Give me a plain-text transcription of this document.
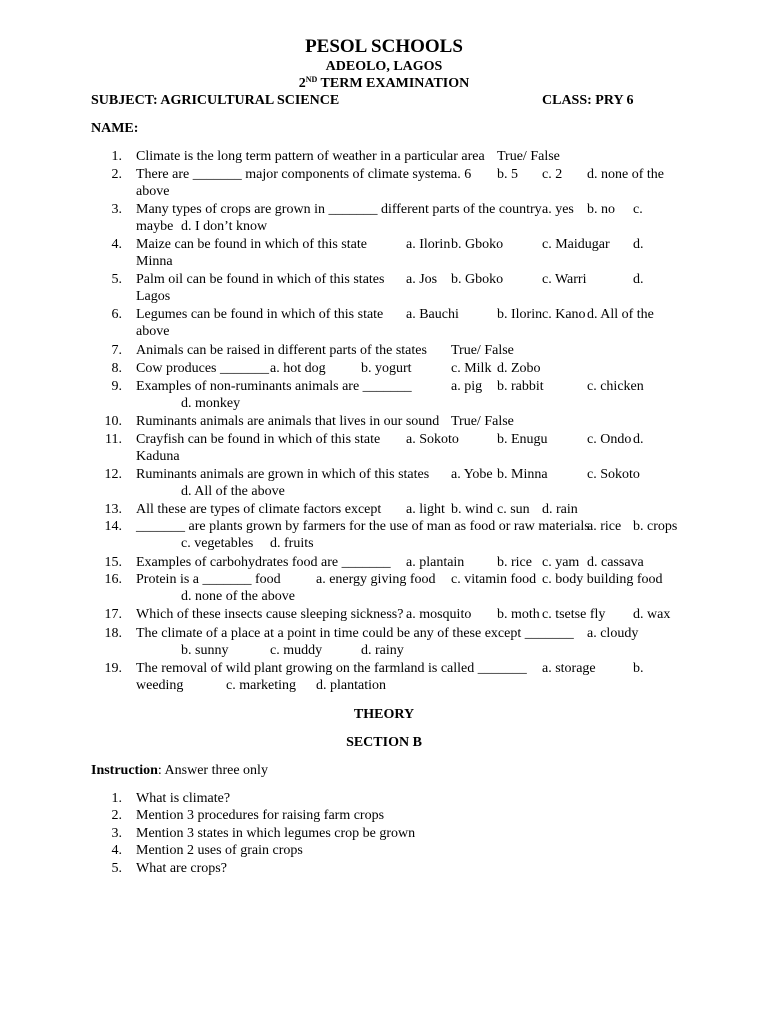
PESOL SCHOOLS
ADEOLO, LAGOS
2ND TERM EXAMINATION
SUBJECT: AGRICULTURAL SCIENCE	CLASS: PRY 6
NAME:
1. Climate is the long term pattern of weather in a particular area True/ False
2. There are _______ major components of climate system a. 6 b. 5 c. 2 d. none of the
above
3. Many types of crops are grown in _______ different parts of the country a. yes b. no c.
maybe d. I don’t know
4. Maize can be found in which of this state	a. Ilorin b. Gboko	c. Maidugar d.
Minna
5. Palm oil can be found in which of this states a. Jos b. Gboko	c. Warri	d.
Lagos
6. Legumes can be found in which of this state a. Bauchi	b. Ilorin c. Kano d. All of the
above
7. Animals can be raised in different parts of the states True/ False
8. Cow produces _______ a. hot dog	b. yogurt	c. Milk d. Zobo
9. Examples of non-ruminants animals are _______	a. pig b. rabbit	c. chicken
d. monkey
10. Ruminants animals are animals that lives in our sound True/ False
11. Crayfish can be found in which of this state a. Sokoto	b. Enugu	c. Ondo d.
Kaduna
12. Ruminants animals are grown in which of this states a. Yobe b. Minna	c. Sokoto
d. All of the above
13. All these are types of climate factors except a. light b. wind c. sun d. rain
14. _______ are plants grown by farmers for the use of man as food or raw materials
a. rice b. crops
c. vegetables d. fruits
15. Examples of carbohydrates food are _______ a. plantain b. rice c. yam d. cassava
16. Protein is a _______ food	a. energy giving food c. vitamin food c. body building food
d. none of the above
17. Which of these insects cause sleeping sickness? a. mosquito b. moth c. tsetse fly d. wax
18. The climate of a place at a point in time could be any of these except _______ a. cloudy
b. sunny	c. muddy	d. rainy
19. The removal of wild plant growing on the farmland is called _______ a. storage	b.
weeding	c. marketing d. plantation
THEORY
SECTION B
Instruction: Answer three only
1. What is climate?
2. Mention 3 procedures for raising farm crops
3. Mention 3 states in which legumes crop be grown
4. Mention 2 uses of grain crops
5. What are crops?
